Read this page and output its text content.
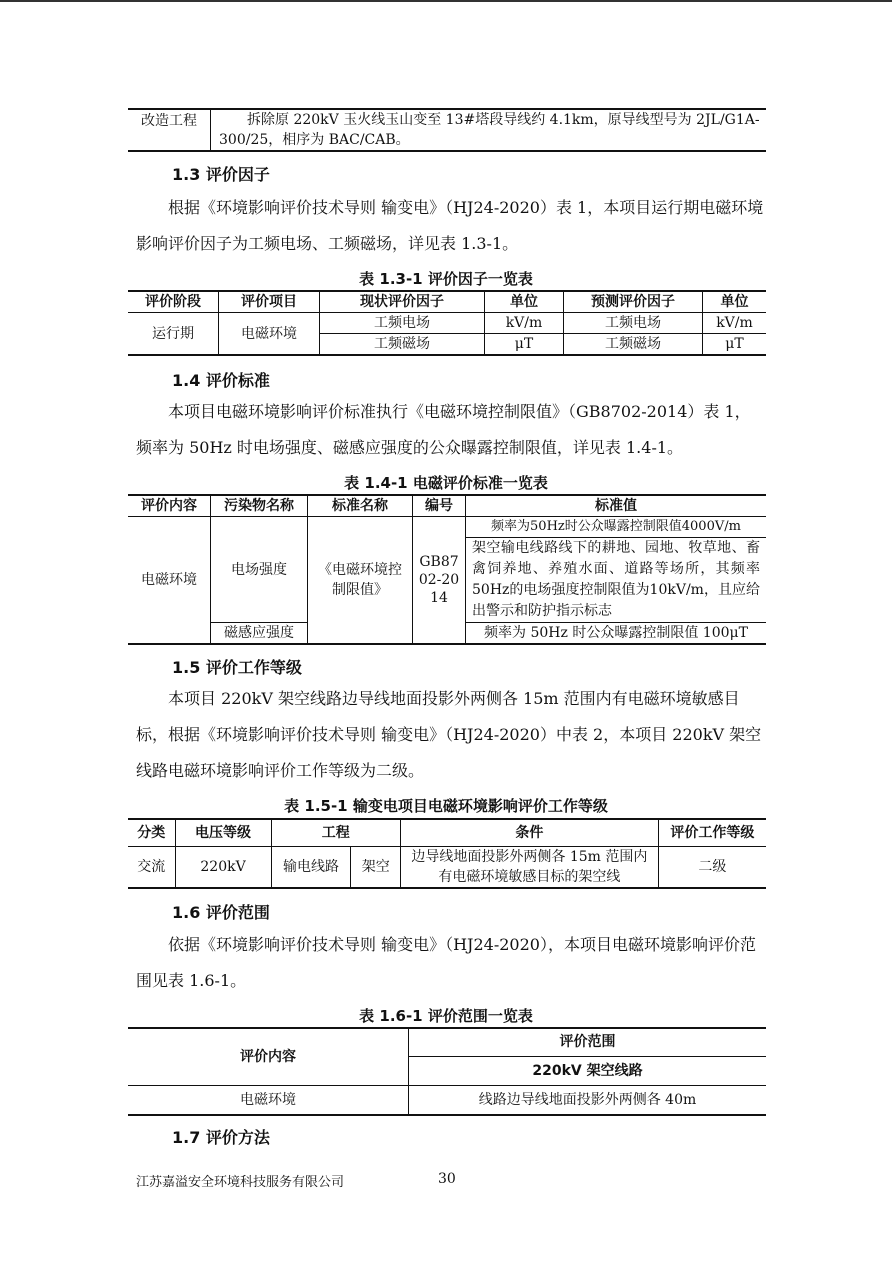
改造工程	拆除原 220kV 玉火线玉山变至 13#塔段导线约 4.1km，原导线型号为 2JL/G1A-300/25，相序为 BAC/CAB。
1.3 评价因子

根据《环境影响评价技术导则 输变电》（HJ24-2020）表 1，本项目运行期电磁环境影响评价因子为工频电场、工频磁场，详见表 1.3-1。

表 1.3-1 评价因子一览表
评价阶段	评价项目	现状评价因子	单位	预测评价因子	单位
运行期	电磁环境	工频电场	kV/m	工频电场	kV/m
		工频磁场	μT	工频磁场	μT
1.4 评价标准

本项目电磁环境影响评价标准执行《电磁环境控制限值》（GB8702-2014）表 1，频率为 50Hz 时电场强度、磁感应强度的公众曝露控制限值，详见表 1.4-1。

表 1.4-1 电磁评价标准一览表
评价内容	污染物名称	标准名称	编号	标准值
电磁环境	电场强度	《电磁环境控制限值》	GB8702-2014	频率为50Hz时公众曝露控制限值4000V/m
				架空输电线路线下的耕地、园地、牧草地、畜禽饲养地、养殖水面、道路等场所，其频率50Hz的电场强度控制限值为10kV/m，且应给出警示和防护指示标志
	磁感应强度			频率为 50Hz 时公众曝露控制限值 100μT
1.5 评价工作等级

本项目 220kV 架空线路边导线地面投影外两侧各 15m 范围内有电磁环境敏感目标，根据《环境影响评价技术导则 输变电》（HJ24-2020）中表 2，本项目 220kV 架空线路电磁环境影响评价工作等级为二级。

表 1.5-1 输变电项目电磁环境影响评价工作等级
分类	电压等级	工程		条件	评价工作等级
交流	220kV	输电线路	架空	边导线地面投影外两侧各 15m 范围内有电磁环境敏感目标的架空线	二级
1.6 评价范围

依据《环境影响评价技术导则 输变电》（HJ24-2020），本项目电磁环境影响评价范围见表 1.6-1。

表 1.6-1 评价范围一览表
评价内容	评价范围
	220kV 架空线路
电磁环境	线路边导线地面投影外两侧各 40m
1.7 评价方法
江苏嘉溢安全环境科技服务有限公司	30
